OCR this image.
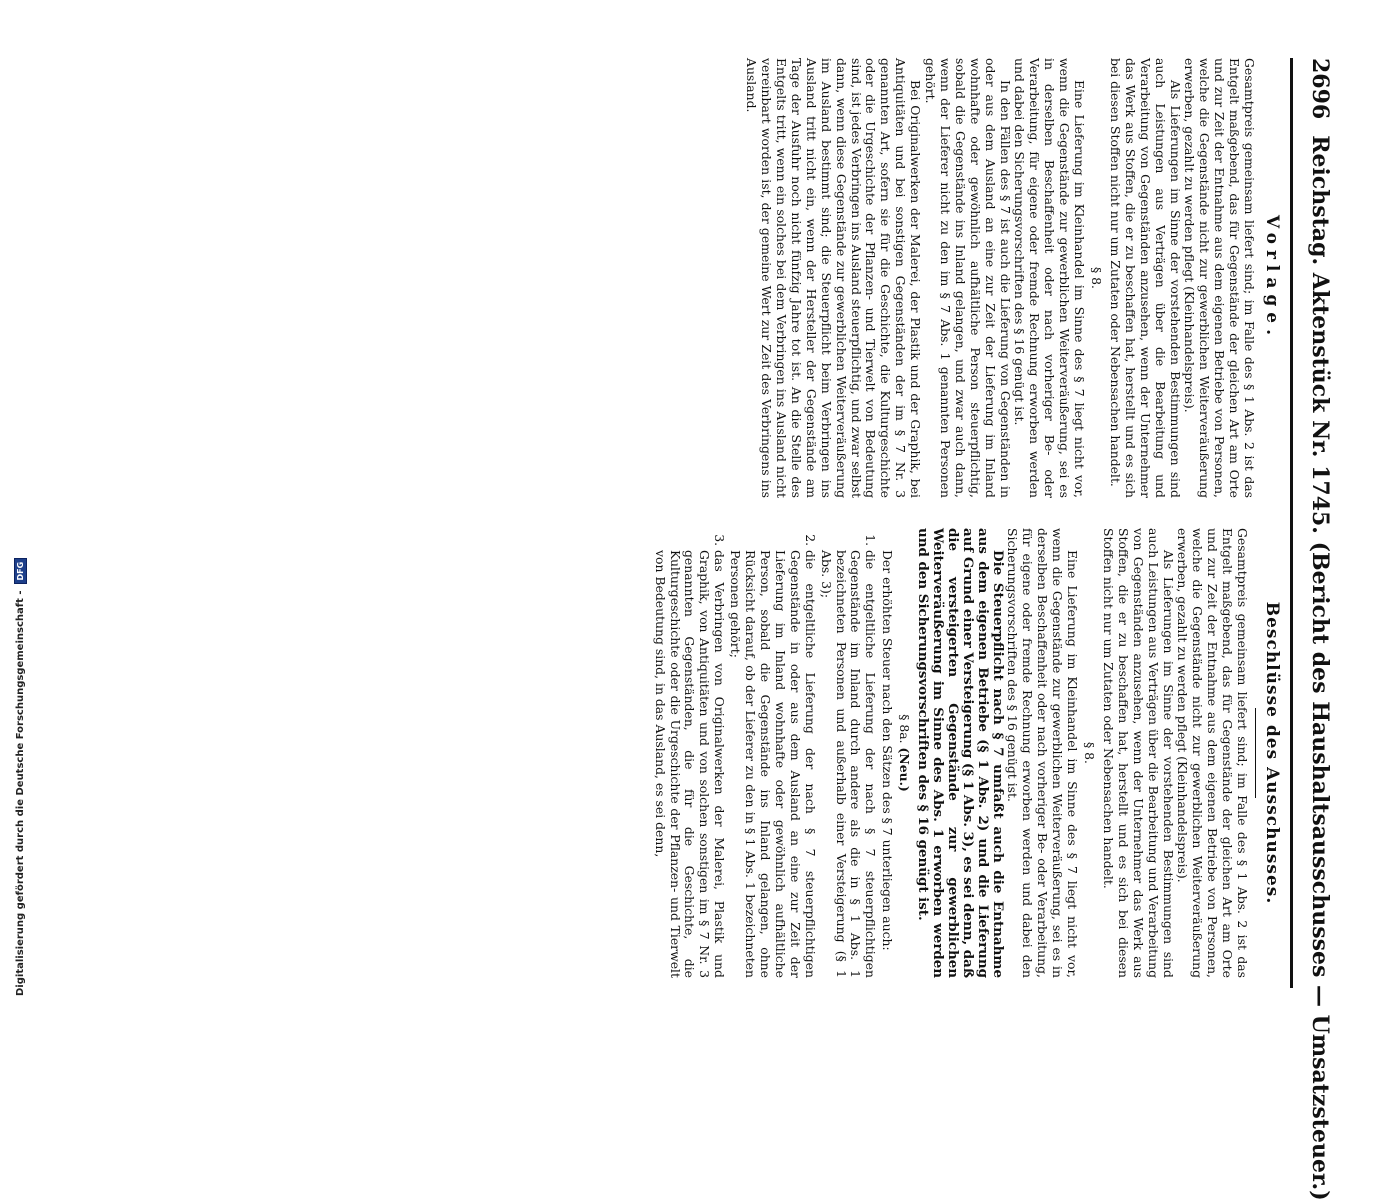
2696
Reichstag. Aktenstück Nr. 1745. (Bericht des Haushaltsausschusses — Umsatzsteuer.)
Vorlage.

Gesamtpreis gemeinsam liefert sind; im Falle des § 1 Abs. 2 ist das Entgelt maßgebend, das für Gegenstände der gleichen Art am Orte und zur Zeit der Entnahme aus dem eigenen Betriebe von Personen, welche die Gegenstände nicht zur gewerblichen Weiterveräußerung erwerben, gezahlt zu werden pflegt (Kleinhandelspreis).

Als Lieferungen im Sinne der vorstehenden Bestimmungen sind auch Leistungen aus Verträgen über die Bearbeitung und Verarbeitung von Gegenständen anzusehen, wenn der Unternehmer das Werk aus Stoffen, die er zu beschaffen hat, herstellt und es sich bei diesen Stoffen nicht nur um Zutaten oder Nebensachen handelt.

§ 8.

Eine Lieferung im Kleinhandel im Sinne des § 7 liegt nicht vor, wenn die Gegenstände zur gewerblichen Weiterveräußerung, sei es in derselben Beschaffenheit oder nach vorheriger Be- oder Verarbeitung, für eigene oder fremde Rechnung erworben werden und dabei den Sicherungsvorschriften des § 16 genügt ist.

In den Fällen des § 7 ist auch die Lieferung von Gegenständen in oder aus dem Ausland an eine zur Zeit der Lieferung im Inland wohnhafte oder gewöhnlich aufhältliche Person steuerpflichtig, sobald die Gegenstände ins Inland gelangen, und zwar auch dann, wenn der Lieferer nicht zu den im § 7 Abs. 1 genannten Personen gehört.

Bei Originalwerken der Malerei, der Plastik und der Graphik, bei Antiquitäten und bei sonstigen Gegenständen der im § 7 Nr. 3 genannten Art, sofern sie für die Geschichte, die Kulturgeschichte oder die Urgeschichte der Pflanzen- und Tierwelt von Bedeutung sind, ist jedes Verbringen ins Ausland steuerpflichtig, und zwar selbst dann, wenn diese Gegenstände zur gewerblichen Weiterveräußerung im Ausland bestimmt sind; die Steuerpflicht beim Verbringen ins Ausland tritt nicht ein, wenn der Hersteller der Gegenstände am Tage der Ausfuhr noch nicht fünfzig Jahre tot ist. An die Stelle des Entgelts tritt, wenn ein solches bei dem Verbringen ins Ausland nicht vereinbart worden ist, der gemeine Wert zur Zeit des Verbringens ins Ausland.

Beschlüsse des Ausschusses.

Gesamtpreis gemeinsam liefert sind; im Falle des § 1 Abs. 2 ist das Entgelt maßgebend, das für Gegenstände der gleichen Art am Orte und zur Zeit der Entnahme aus dem eigenen Betriebe von Personen, welche die Gegenstände nicht zur gewerblichen Weiterveräußerung erwerben, gezahlt zu werden pflegt (Kleinhandelspreis).

Als Lieferungen im Sinne der vorstehenden Bestimmungen sind auch Leistungen aus Verträgen über die Bearbeitung und Verarbeitung von Gegenständen anzusehen, wenn der Unternehmer das Werk aus Stoffen, die er zu beschaffen hat, herstellt und es sich bei diesen Stoffen nicht nur um Zutaten oder Nebensachen handelt.

§ 8.

Eine Lieferung im Kleinhandel im Sinne des § 7 liegt nicht vor, wenn die Gegenstände zur gewerblichen Weiterveräußerung, sei es in derselben Beschaffenheit oder nach vorheriger Be- oder Verarbeitung, für eigene oder fremde Rechnung erworben werden und dabei den Sicherungsvorschriften des § 16 genügt ist.

Die Steuerpflicht nach § 7 umfaßt auch die Entnahme aus dem eigenen Betriebe (§ 1 Abs. 2) und die Lieferung auf Grund einer Versteigerung (§ 1 Abs. 3), es sei denn, daß die versteigerten Gegenstände zur gewerblichen Weiterveräußerung im Sinne des Abs. 1 erworben werden und den Sicherungsvorschriften des § 16 genügt ist.

§ 8a. (Neu.)

Der erhöhten Steuer nach den Sätzen des § 7 unterliegen auch:

1. die entgeltliche Lieferung der nach § 7 steuerpflichtigen Gegenstände im Inland durch andere als die in § 1 Abs. 1 bezeichneten Personen und außerhalb einer Versteigerung (§ 1 Abs. 3);
2. die entgeltliche Lieferung der nach § 7 steuerpflichtigen Gegenstände in oder aus dem Ausland an eine zur Zeit der Lieferung im Inland wohnhafte oder gewöhnlich aufhältliche Person, sobald die Gegenstände ins Inland gelangen, ohne Rücksicht darauf, ob der Lieferer zu den in § 1 Abs. 1 bezeichneten Personen gehört;
3. das Verbringen von Originalwerken der Malerei, Plastik und Graphik, von Antiquitäten und von solchen sonstigen im § 7 Nr. 3 genannten Gegenständen, die für die Geschichte, die Kulturgeschichte oder die Urgeschichte der Pflanzen- und Tierwelt von Bedeutung sind, in das Ausland, es sei denn,
Digitalisierung gefördert durch die Deutsche Forschungsgemeinschaft -
DFG
